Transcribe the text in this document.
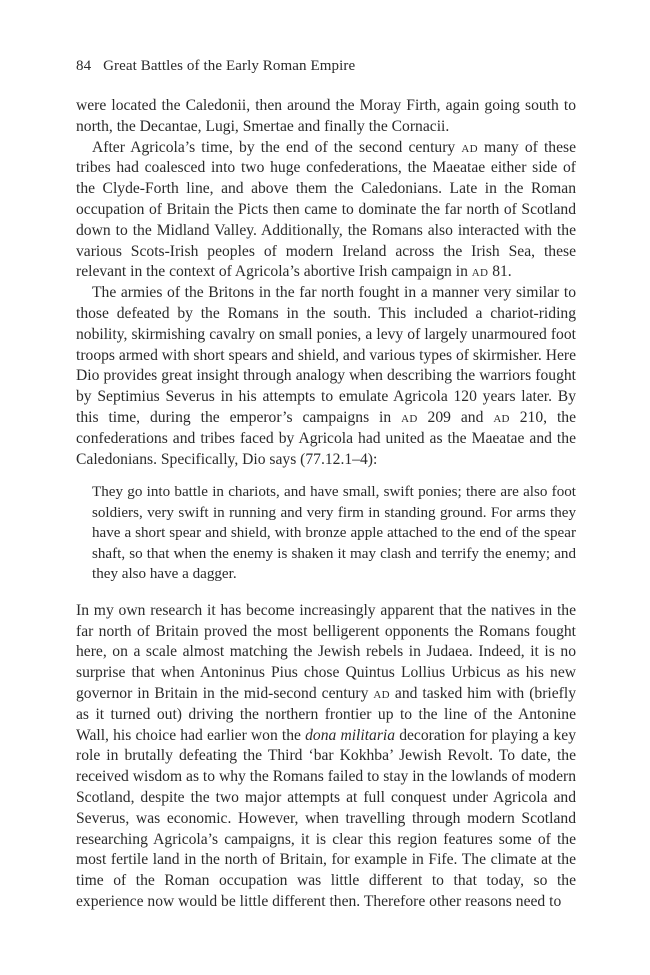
84 Great Battles of the Early Roman Empire

were located the Caledonii, then around the Moray Firth, again going south to north, the Decantae, Lugi, Smertae and finally the Cornacii.

After Agricola’s time, by the end of the second century ad many of these tribes had coalesced into two huge confederations, the Maeatae either side of the Clyde-Forth line, and above them the Caledonians. Late in the Roman occupation of Britain the Picts then came to dominate the far north of Scotland down to the Midland Valley. Additionally, the Romans also interacted with the various Scots-Irish peoples of modern Ireland across the Irish Sea, these relevant in the context of Agricola’s abortive Irish campaign in ad 81.

The armies of the Britons in the far north fought in a manner very similar to those defeated by the Romans in the south. This included a chariot-riding nobility, skirmishing cavalry on small ponies, a levy of largely unarmoured foot troops armed with short spears and shield, and various types of skirmisher. Here Dio provides great insight through analogy when describing the warriors fought by Septimius Severus in his attempts to emulate Agricola 120 years later. By this time, during the emperor’s campaigns in ad 209 and ad 210, the confederations and tribes faced by Agricola had united as the Maeatae and the Caledonians. Specifically, Dio says (77.12.1–4):

They go into battle in chariots, and have small, swift ponies; there are also foot soldiers, very swift in running and very firm in standing ground. For arms they have a short spear and shield, with bronze apple attached to the end of the spear shaft, so that when the enemy is shaken it may clash and terrify the enemy; and they also have a dagger.

In my own research it has become increasingly apparent that the natives in the far north of Britain proved the most belligerent opponents the Romans fought here, on a scale almost matching the Jewish rebels in Judaea. Indeed, it is no surprise that when Antoninus Pius chose Quintus Lollius Urbicus as his new governor in Britain in the mid-second century ad and tasked him with (briefly as it turned out) driving the northern frontier up to the line of the Antonine Wall, his choice had earlier won the dona militaria decoration for playing a key role in brutally defeating the Third ‘bar Kokhba’ Jewish Revolt. To date, the received wisdom as to why the Romans failed to stay in the lowlands of modern Scotland, despite the two major attempts at full conquest under Agricola and Severus, was economic. However, when travelling through modern Scotland researching Agricola’s campaigns, it is clear this region features some of the most fertile land in the north of Britain, for example in Fife. The climate at the time of the Roman occupation was little different to that today, so the experience now would be little different then. Therefore other reasons need to
